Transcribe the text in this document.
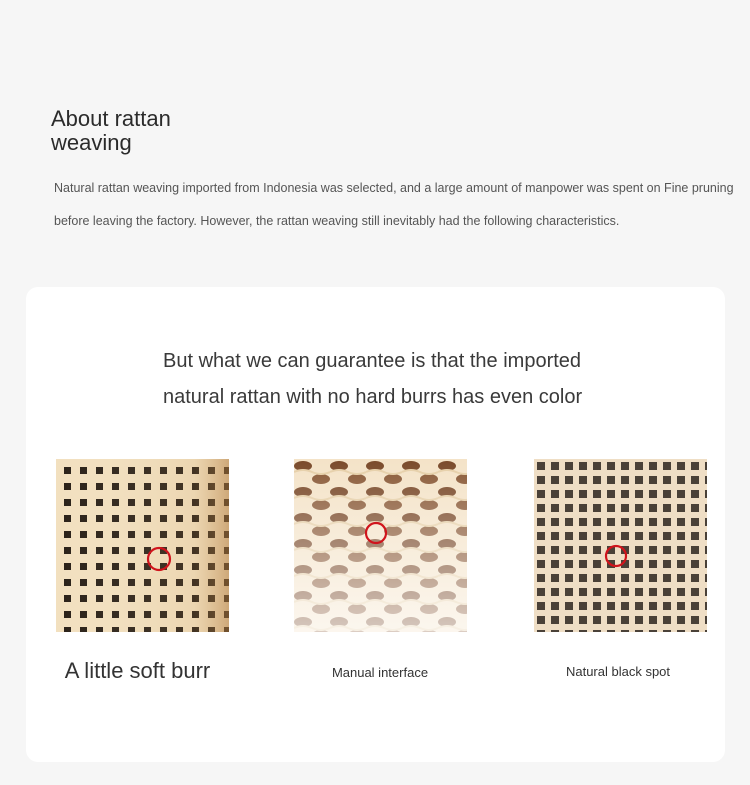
About rattan
weaving

Natural rattan weaving imported from Indonesia was selected, and a large amount of manpower was spent on Fine pruning before leaving the factory. However, the rattan weaving still inevitably had the following characteristics.

But what we can guarantee is that the imported
natural rattan with no hard burrs has even color

A little soft burr	Manual interface	Natural black spot
